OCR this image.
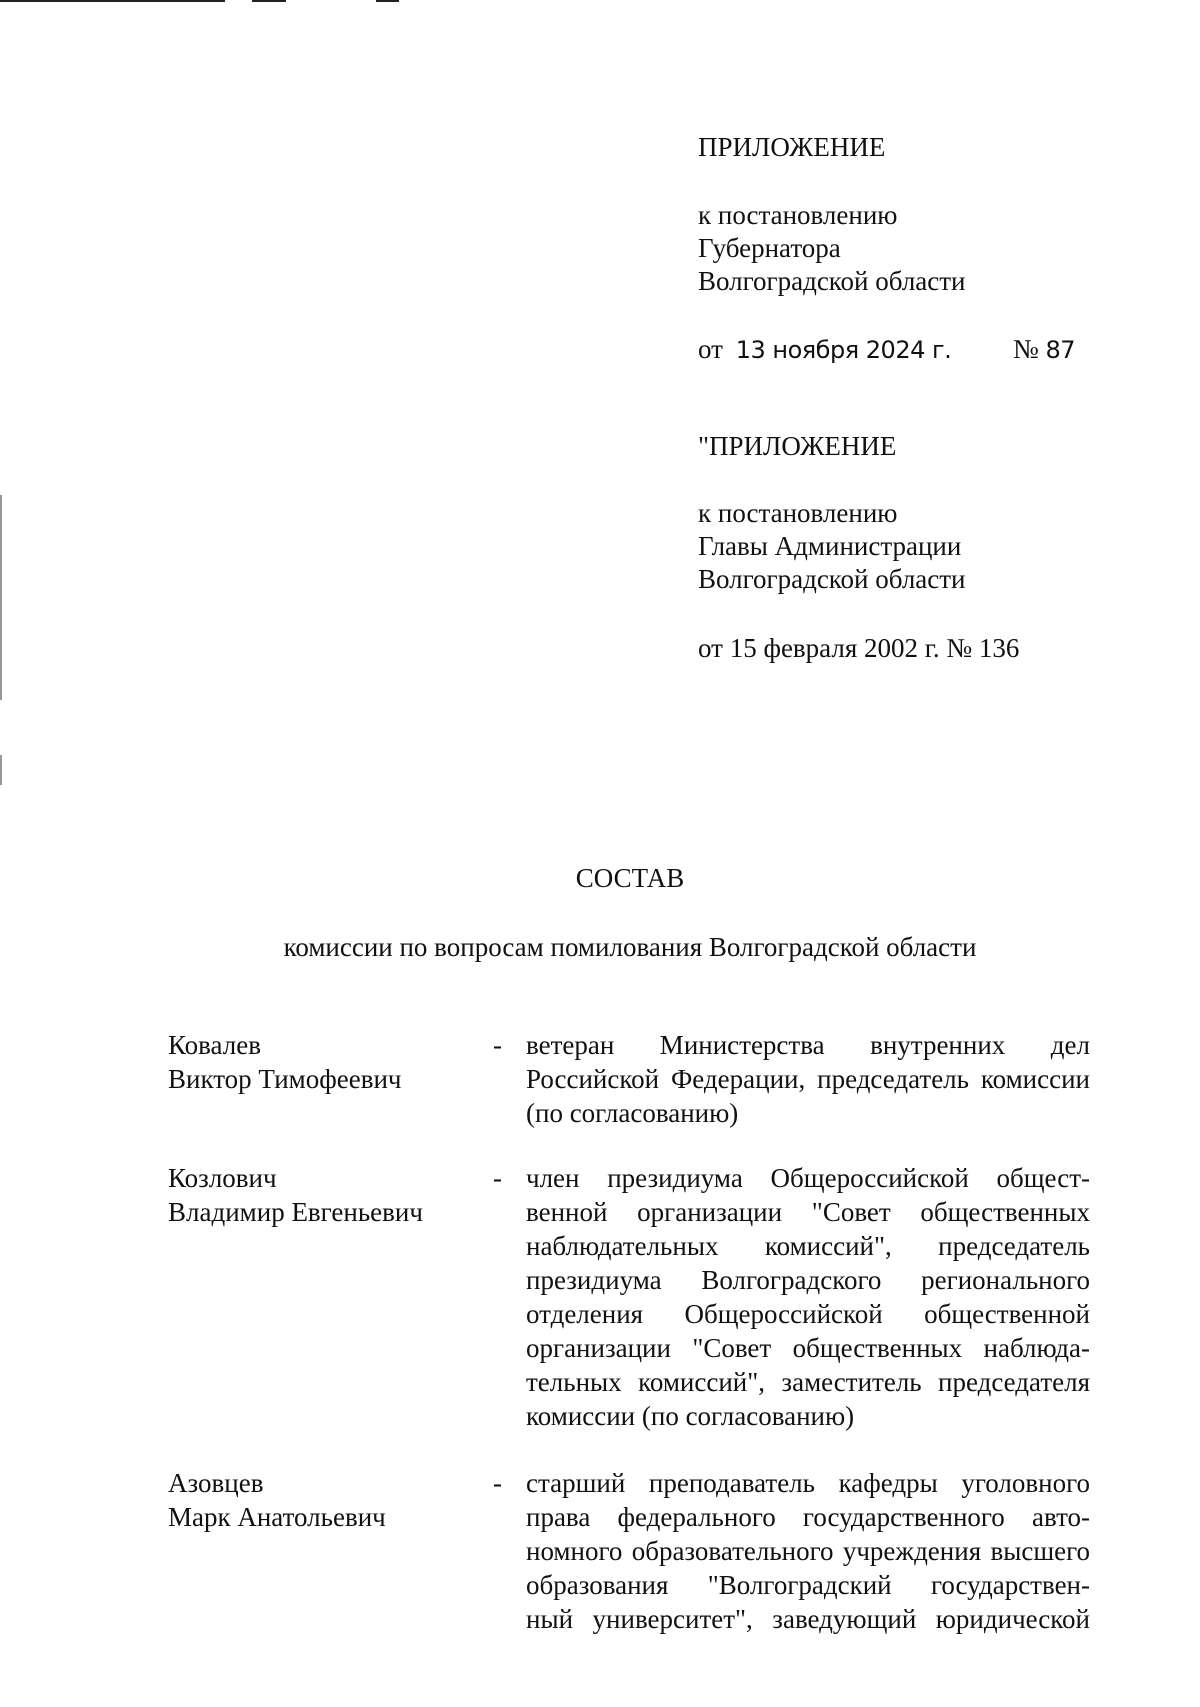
ПРИЛОЖЕНИЕ
к постановлению
Губернатора
Волгоградской области
от 13 ноября 2024 г. № 87
"ПРИЛОЖЕНИЕ
к постановлению
Главы Администрации
Волгоградской области
от 15 февраля 2002 г. № 136
СОСТАВ
комиссии по вопросам помилования Волгоградской области
Ковалев
Виктор Тимофеевич
- ветеран Министерства внутренних дел
Российской Федерации, председатель комиссии
(по согласованию)
Козлович
Владимир Евгеньевич
- член президиума Общероссийской общест-
венной организации "Совет общественных
наблюдательных комиссий", председатель
президиума Волгоградского регионального
отделения Общероссийской общественной
организации "Совет общественных наблюда-
тельных комиссий", заместитель председателя
комиссии (по согласованию)
Азовцев
Марк Анатольевич
- старший преподаватель кафедры уголовного
права федерального государственного авто-
номного образовательного учреждения высшего
образования "Волгоградский государствен-
ный университет", заведующий юридической
